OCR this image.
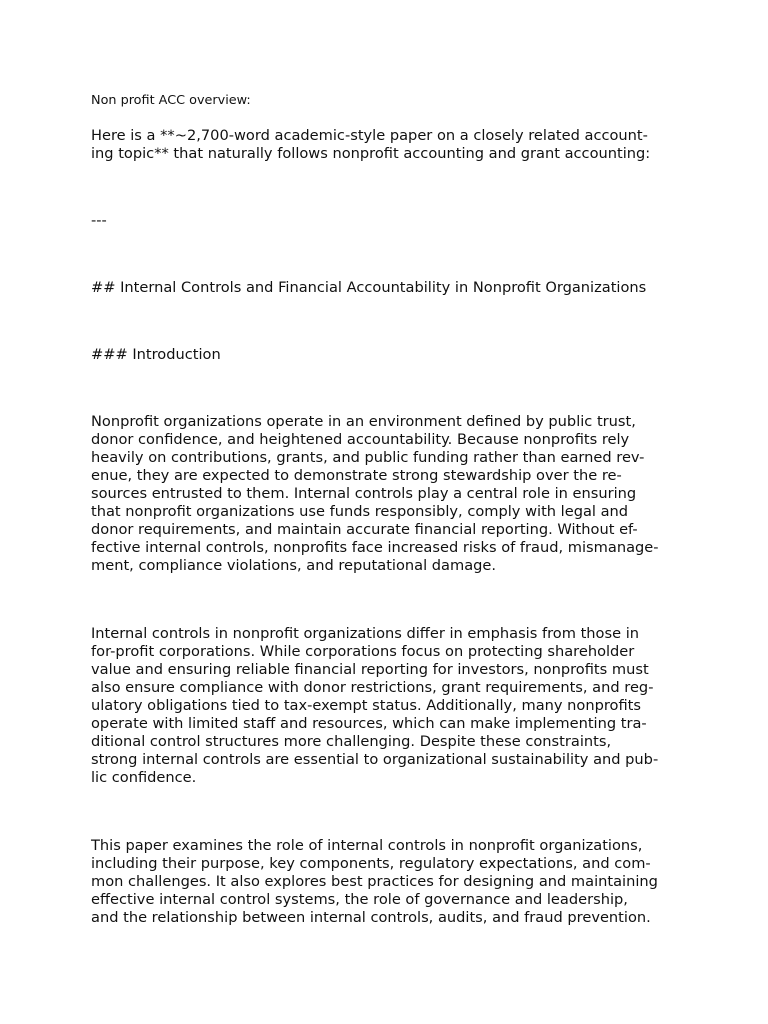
Non profit ACC overview:
Here is a **~2,700-word academic-style paper on a closely related account-
ing topic** that naturally follows nonprofit accounting and grant accounting:
---
## Internal Controls and Financial Accountability in Nonprofit Organizations
### Introduction
Nonprofit organizations operate in an environment defined by public trust,
donor confidence, and heightened accountability. Because nonprofits rely
heavily on contributions, grants, and public funding rather than earned rev-
enue, they are expected to demonstrate strong stewardship over the re-
sources entrusted to them. Internal controls play a central role in ensuring
that nonprofit organizations use funds responsibly, comply with legal and
donor requirements, and maintain accurate financial reporting. Without ef-
fective internal controls, nonprofits face increased risks of fraud, mismanage-
ment, compliance violations, and reputational damage.
Internal controls in nonprofit organizations differ in emphasis from those in
for-profit corporations. While corporations focus on protecting shareholder
value and ensuring reliable financial reporting for investors, nonprofits must
also ensure compliance with donor restrictions, grant requirements, and reg-
ulatory obligations tied to tax-exempt status. Additionally, many nonprofits
operate with limited staff and resources, which can make implementing tra-
ditional control structures more challenging. Despite these constraints,
strong internal controls are essential to organizational sustainability and pub-
lic confidence.
This paper examines the role of internal controls in nonprofit organizations,
including their purpose, key components, regulatory expectations, and com-
mon challenges. It also explores best practices for designing and maintaining
effective internal control systems, the role of governance and leadership,
and the relationship between internal controls, audits, and fraud prevention.
